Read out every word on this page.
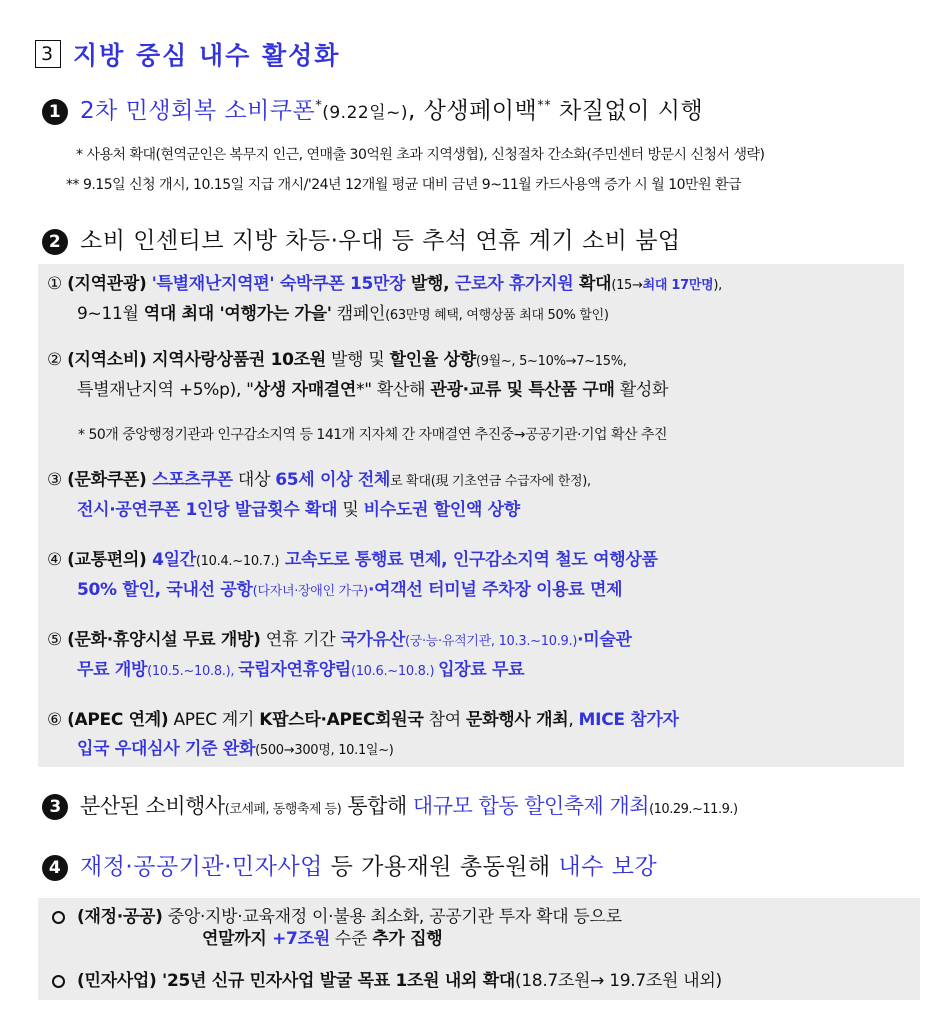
3 지방 중심 내수 활성화
1 2차 민생회복 소비쿠폰*(9.22일~), 상생페이백** 차질없이 시행
* 사용처 확대(현역군인은 복무지 인근, 연매출 30억원 초과 지역생협), 신청절차 간소화(주민센터 방문시 신청서 생략)
** 9.15일 신청 개시, 10.15일 지급 개시/'24년 12개월 평균 대비 금년 9~11월 카드사용액 증가 시 월 10만원 환급
2 소비 인센티브 지방 차등·우대 등 추석 연휴 계기 소비 붐업
① (지역관광) '특별재난지역편' 숙박쿠폰 15만장 발행, 근로자 휴가지원 확대(15→최대 17만명),
9~11월 역대 최대 '여행가는 가을' 캠페인(63만명 혜택, 여행상품 최대 50% 할인)
② (지역소비) 지역사랑상품권 10조원 발행 및 할인율 상향(9월~, 5~10%→7~15%,
특별재난지역 +5%p), "상생 자매결연*" 확산해 관광·교류 및 특산품 구매 활성화
* 50개 중앙행정기관과 인구감소지역 등 141개 지자체 간 자매결연 추진중→공공기관·기업 확산 추진
③ (문화쿠폰) 스포츠쿠폰 대상 65세 이상 전체로 확대(現 기초연금 수급자에 한정),
전시·공연쿠폰 1인당 발급횟수 확대 및 비수도권 할인액 상향
④ (교통편의) 4일간(10.4.~10.7.) 고속도로 통행료 면제, 인구감소지역 철도 여행상품
50% 할인, 국내선 공항(다자녀·장애인 가구)·여객선 터미널 주차장 이용료 면제
⑤ (문화·휴양시설 무료 개방) 연휴 기간 국가유산(궁·능·유적기관, 10.3.~10.9.)·미술관
무료 개방(10.5.~10.8.), 국립자연휴양림(10.6.~10.8.) 입장료 무료
⑥ (APEC 연계) APEC 계기 K팝스타·APEC회원국 참여 문화행사 개최, MICE 참가자
입국 우대심사 기준 완화(500→300명, 10.1일~)
3 분산된 소비행사(코세페, 동행축제 등) 통합해 대규모 합동 할인축제 개최(10.29.~11.9.)
4 재정·공공기관·민자사업 등 가용재원 총동원해 내수 보강
(재정·공공) 중앙·지방·교육재정 이·불용 최소화, 공공기관 투자 확대 등으로
연말까지 +7조원 수준 추가 집행
(민자사업) '25년 신규 민자사업 발굴 목표 1조원 내외 확대(18.7조원→ 19.7조원 내외)
